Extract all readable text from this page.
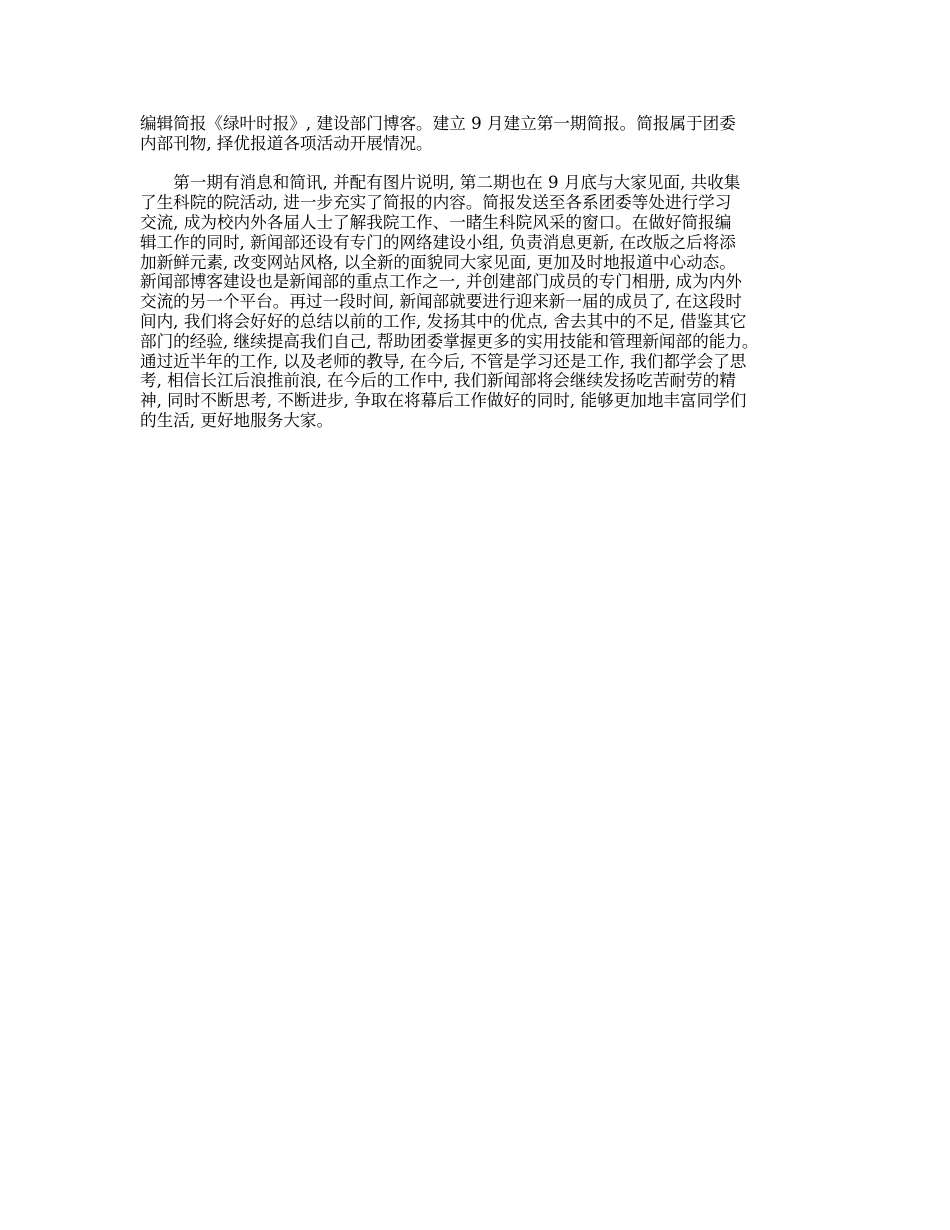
编辑简报《绿叶时报》, 建设部门博客。建立 9 月建立第一期简报。简报属于团委
内部刊物, 择优报道各项活动开展情况。
　　第一期有消息和简讯, 并配有图片说明, 第二期也在 9 月底与大家见面, 共收集
了生科院的院活动, 进一步充实了简报的内容。简报发送至各系团委等处进行学习
交流, 成为校内外各届人士了解我院工作、一睹生科院风采的窗口。在做好简报编
辑工作的同时, 新闻部还设有专门的网络建设小组, 负责消息更新, 在改版之后将添
加新鲜元素, 改变网站风格, 以全新的面貌同大家见面, 更加及时地报道中心动态。
新闻部博客建设也是新闻部的重点工作之一, 并创建部门成员的专门相册, 成为内外
交流的另一个平台。再过一段时间, 新闻部就要进行迎来新一届的成员了, 在这段时
间内, 我们将会好好的总结以前的工作, 发扬其中的优点, 舍去其中的不足, 借鉴其它
部门的经验, 继续提高我们自己, 帮助团委掌握更多的实用技能和管理新闻部的能力。
通过近半年的工作, 以及老师的教导, 在今后, 不管是学习还是工作, 我们都学会了思
考, 相信长江后浪推前浪, 在今后的工作中, 我们新闻部将会继续发扬吃苦耐劳的精
神, 同时不断思考, 不断进步, 争取在将幕后工作做好的同时, 能够更加地丰富同学们
的生活, 更好地服务大家。
